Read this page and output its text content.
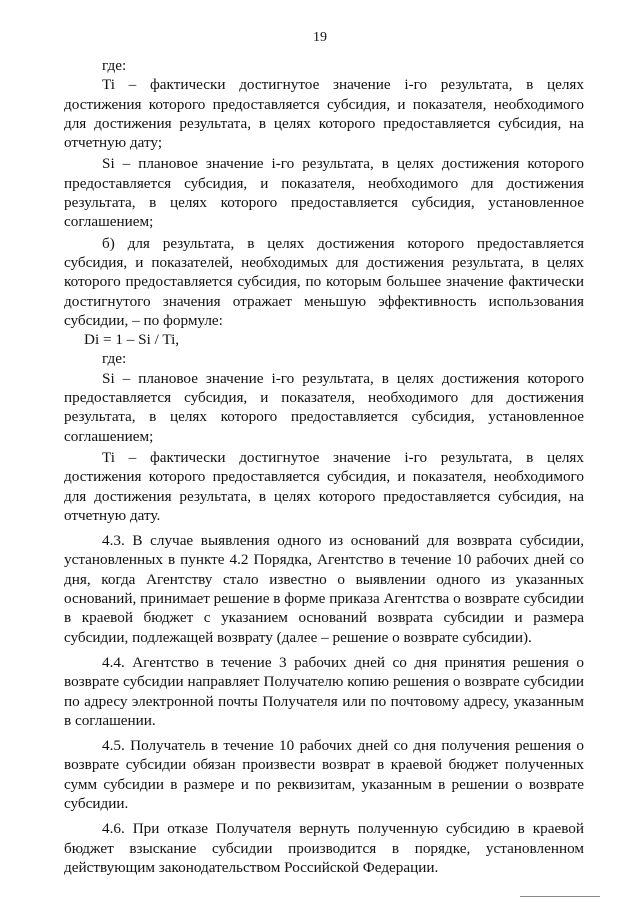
19

где:

Ti – фактически достигнутое значение i-го результата, в целях достижения которого предоставляется субсидия, и показателя, необходимого для достижения результата, в целях которого предоставляется субсидия, на отчетную дату;

Si – плановое значение i-го результата, в целях достижения которого предоставляется субсидия, и показателя, необходимого для достижения результата, в целях которого предоставляется субсидия, установленное соглашением;

б) для результата, в целях достижения которого предоставляется субсидия, и показателей, необходимых для достижения результата, в целях которого предоставляется субсидия, по которым большее значение фактически достигнутого значения отражает меньшую эффективность использования субсидии, – по формуле:

Di = 1 – Si / Ti,

где:

Si – плановое значение i-го результата, в целях достижения которого предоставляется субсидия, и показателя, необходимого для достижения результата, в целях которого предоставляется субсидия, установленное соглашением;

Ti – фактически достигнутое значение i-го результата, в целях достижения которого предоставляется субсидия, и показателя, необходимого для достижения результата, в целях которого предоставляется субсидия, на отчетную дату.

4.3. В случае выявления одного из оснований для возврата субсидии, установленных в пункте 4.2 Порядка, Агентство в течение 10 рабочих дней со дня, когда Агентству стало известно о выявлении одного из указанных оснований, принимает решение в форме приказа Агентства о возврате субсидии в краевой бюджет с указанием оснований возврата субсидии и размера субсидии, подлежащей возврату (далее – решение о возврате субсидии).

4.4. Агентство в течение 3 рабочих дней со дня принятия решения о возврате субсидии направляет Получателю копию решения о возврате субсидии по адресу электронной почты Получателя или по почтовому адресу, указанным в соглашении.

4.5. Получатель в течение 10 рабочих дней со дня получения решения о возврате субсидии обязан произвести возврат в краевой бюджет полученных сумм субсидии в размере и по реквизитам, указанным в решении о возврате субсидии.

4.6. При отказе Получателя вернуть полученную субсидию в краевой бюджет взыскание субсидии производится в порядке, установленном действующим законодательством Российской Федерации.
